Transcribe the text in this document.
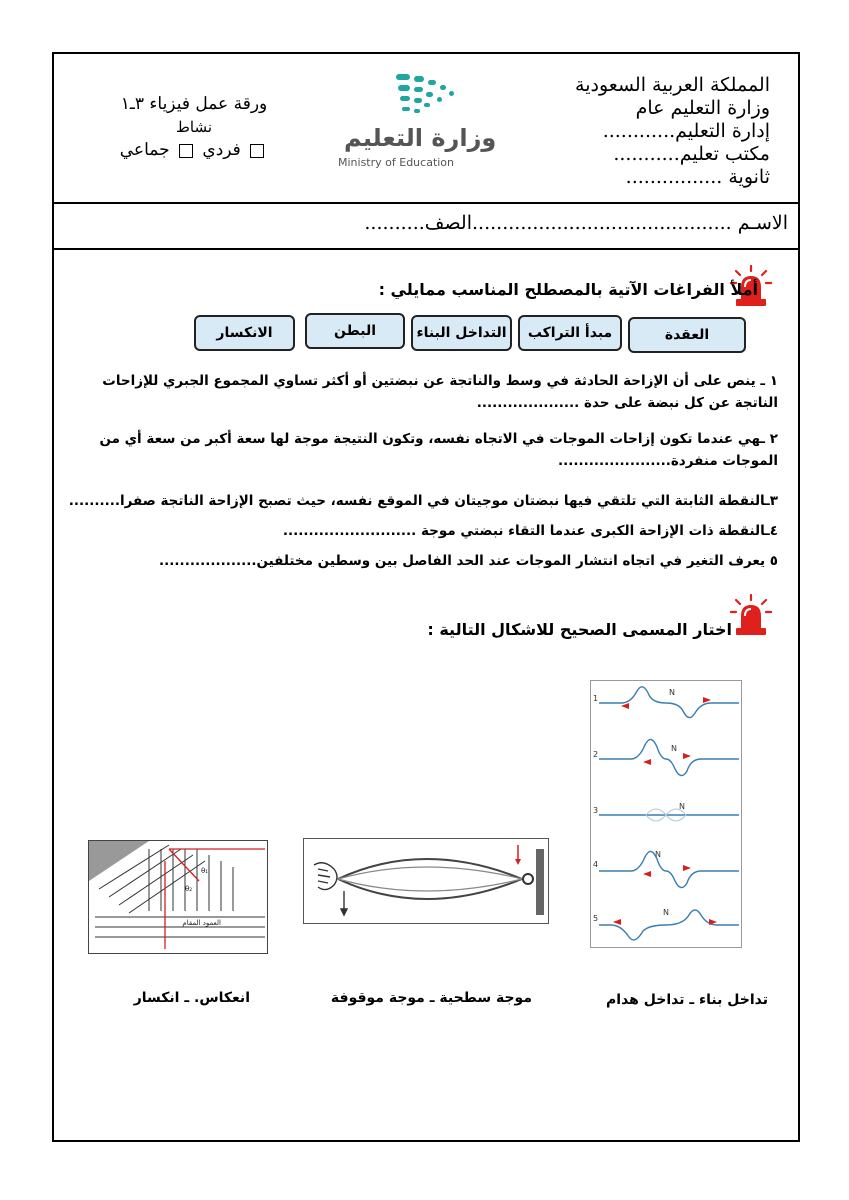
المملكة العربية السعودية
وزارة التعليم عام
إدارة التعليم............
مكتب تعليم...........
ثانوية ................
وزارة التعليم
Ministry of Education
ورقة عمل فيزياء ٣ـ١
نشاط
فردي  جماعي
الاسـم ...........................................الصف..........
أملأ الفراغات الآتية بالمصطلح المناسب ممايلي :
العقدة
مبدأ التراكب
التداخل البناء
البطن
الانكسار
١ ـ ينص على أن الإزاحة الحادثة في وسط والناتجة عن نبضتين أو أكثر تساوي المجموع الجبري للإزاحات الناتجة عن كل نبضة على حدة ....................
٢ ـهي عندما تكون إزاحات الموجات في الاتجاه نفسه، وتكون النتيجة موجة لها سعة أكبر من سعة أي من الموجات منفردة......................
٣ـالنقطة الثابتة التي تلتقي فيها نبضتان موجيتان في الموقع نفسه، حيث تصبح الإزاحة الناتجة صفرا..........
٤ـالنقطة ذات الإزاحة الكبرى عندما التقاء نبضتي موجة ..........................
٥ يعرف التغير في اتجاه انتشار الموجات عند الحد الفاصل بين وسطين مختلفين...................
اختار المسمى الصحيح للاشكال التالية :
1
2
3
4
5
N
N
N
N
N
θ₁
θ₂
العمود المقام
تداخل بناء ـ تداخل هدام
موجة سطحية ـ موجة موقوفة
انعكاس. ـ انكسار
